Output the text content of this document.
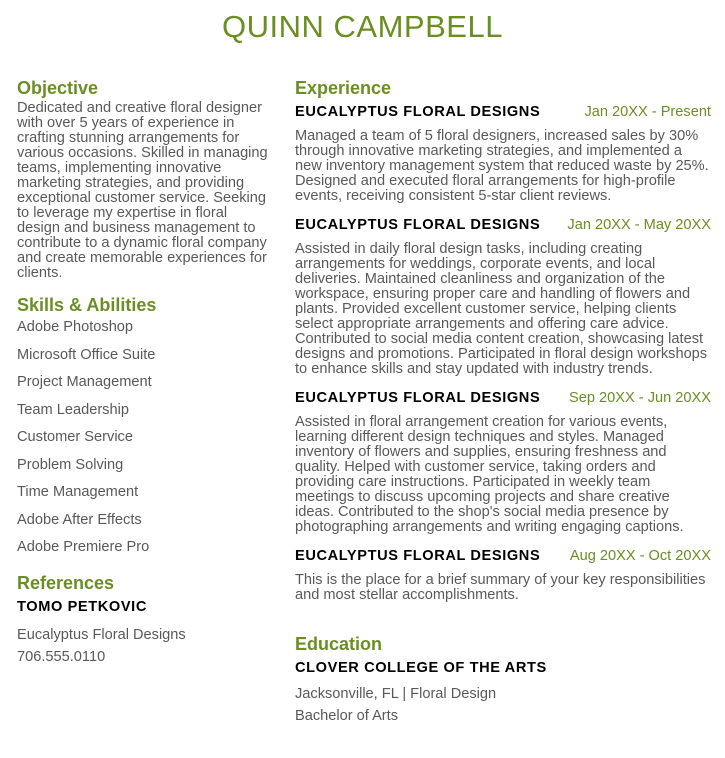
QUINN CAMPBELL
Objective
Dedicated and creative floral designer with over 5 years of experience in crafting stunning arrangements for various occasions. Skilled in managing teams, implementing innovative marketing strategies, and providing exceptional customer service. Seeking to leverage my expertise in floral design and business management to contribute to a dynamic floral company and create memorable experiences for clients.
Skills & Abilities
Adobe Photoshop
Microsoft Office Suite
Project Management
Team Leadership
Customer Service
Problem Solving
Time Management
Adobe After Effects
Adobe Premiere Pro
References
TOMO PETKOVIC
Eucalyptus Floral Designs
706.555.0110
Experience
EUCALYPTUS FLORAL DESIGNS	Jan 20XX - Present
Managed a team of 5 floral designers, increased sales by 30% through innovative marketing strategies, and implemented a new inventory management system that reduced waste by 25%. Designed and executed floral arrangements for high-profile events, receiving consistent 5-star client reviews.
EUCALYPTUS FLORAL DESIGNS Jan 20XX - May 20XX
Assisted in daily floral design tasks, including creating arrangements for weddings, corporate events, and local deliveries. Maintained cleanliness and organization of the workspace, ensuring proper care and handling of flowers and plants. Provided excellent customer service, helping clients select appropriate arrangements and offering care advice. Contributed to social media content creation, showcasing latest designs and promotions. Participated in floral design workshops to enhance skills and stay updated with industry trends.
EUCALYPTUS FLORAL DESIGNS Sep 20XX - Jun 20XX
Assisted in floral arrangement creation for various events, learning different design techniques and styles. Managed inventory of flowers and supplies, ensuring freshness and quality. Helped with customer service, taking orders and providing care instructions. Participated in weekly team meetings to discuss upcoming projects and share creative ideas. Contributed to the shop's social media presence by photographing arrangements and writing engaging captions.
EUCALYPTUS FLORAL DESIGNS Aug 20XX - Oct 20XX
This is the place for a brief summary of your key responsibilities and most stellar accomplishments.
Education
CLOVER COLLEGE OF THE ARTS
Jacksonville, FL | Floral Design
Bachelor of Arts
